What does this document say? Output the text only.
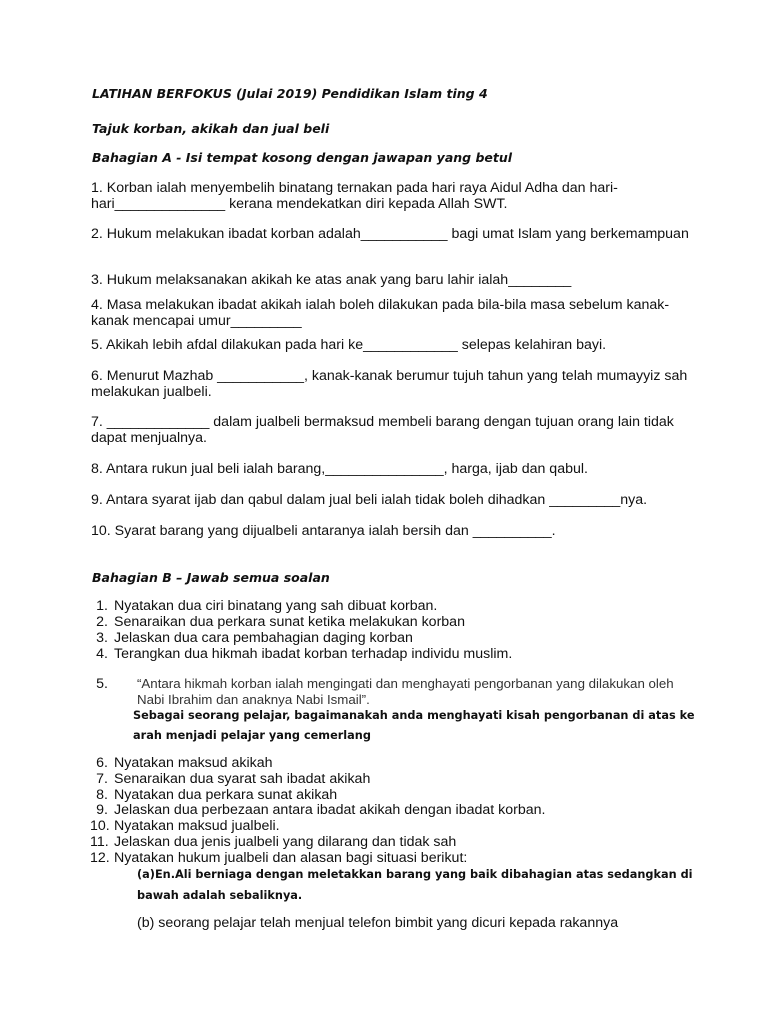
LATIHAN BERFOKUS (Julai 2019) Pendidikan Islam ting 4

Tajuk korban, akikah dan jual beli

Bahagian A - Isi tempat kosong dengan jawapan yang betul

1. Korban ialah menyembelih binatang ternakan pada hari raya Aidul Adha dan hari-hari______________ kerana mendekatkan diri kepada Allah SWT.

2. Hukum melakukan ibadat korban adalah___________ bagi umat Islam yang berkemampuan

3. Hukum melaksanakan akikah ke atas anak yang baru lahir ialah________

4. Masa melakukan ibadat akikah ialah boleh dilakukan pada bila-bila masa sebelum kanak-kanak mencapai umur_________

5. Akikah lebih afdal dilakukan pada hari ke____________ selepas kelahiran bayi.

6. Menurut Mazhab ___________, kanak-kanak berumur tujuh tahun yang telah mumayyiz sah melakukan jualbeli.

7. _____________ dalam jualbeli bermaksud membeli barang dengan tujuan orang lain tidak dapat menjualnya.

8. Antara rukun jual beli ialah barang,_______________, harga, ijab dan qabul.

9. Antara syarat ijab dan qabul dalam jual beli ialah tidak boleh dihadkan _________nya.

10. Syarat barang yang dijualbeli antaranya ialah bersih dan __________.

Bahagian B – Jawab semua soalan

1. Nyatakan dua ciri binatang yang sah dibuat korban.

2. Senaraikan dua perkara sunat ketika melakukan korban

3. Jelaskan dua cara pembahagian daging korban

4. Terangkan dua hikmah ibadat korban terhadap individu muslim.

5. “Antara hikmah korban ialah mengingati dan menghayati pengorbanan yang dilakukan oleh Nabi Ibrahim dan anaknya Nabi Ismail”.

Sebagai seorang pelajar, bagaimanakah anda menghayati kisah pengorbanan di atas ke arah menjadi pelajar yang cemerlang

6. Nyatakan maksud akikah

7. Senaraikan dua syarat sah ibadat akikah

8. Nyatakan dua perkara sunat akikah

9. Jelaskan dua perbezaan antara ibadat akikah dengan ibadat korban.

10. Nyatakan maksud jualbeli.

11. Jelaskan dua jenis jualbeli yang dilarang dan tidak sah

12. Nyatakan hukum jualbeli dan alasan bagi situasi berikut:

(a)En.Ali berniaga dengan meletakkan barang yang baik dibahagian atas sedangkan di bawah adalah sebaliknya.

(b) seorang pelajar telah menjual telefon bimbit yang dicuri kepada rakannya
